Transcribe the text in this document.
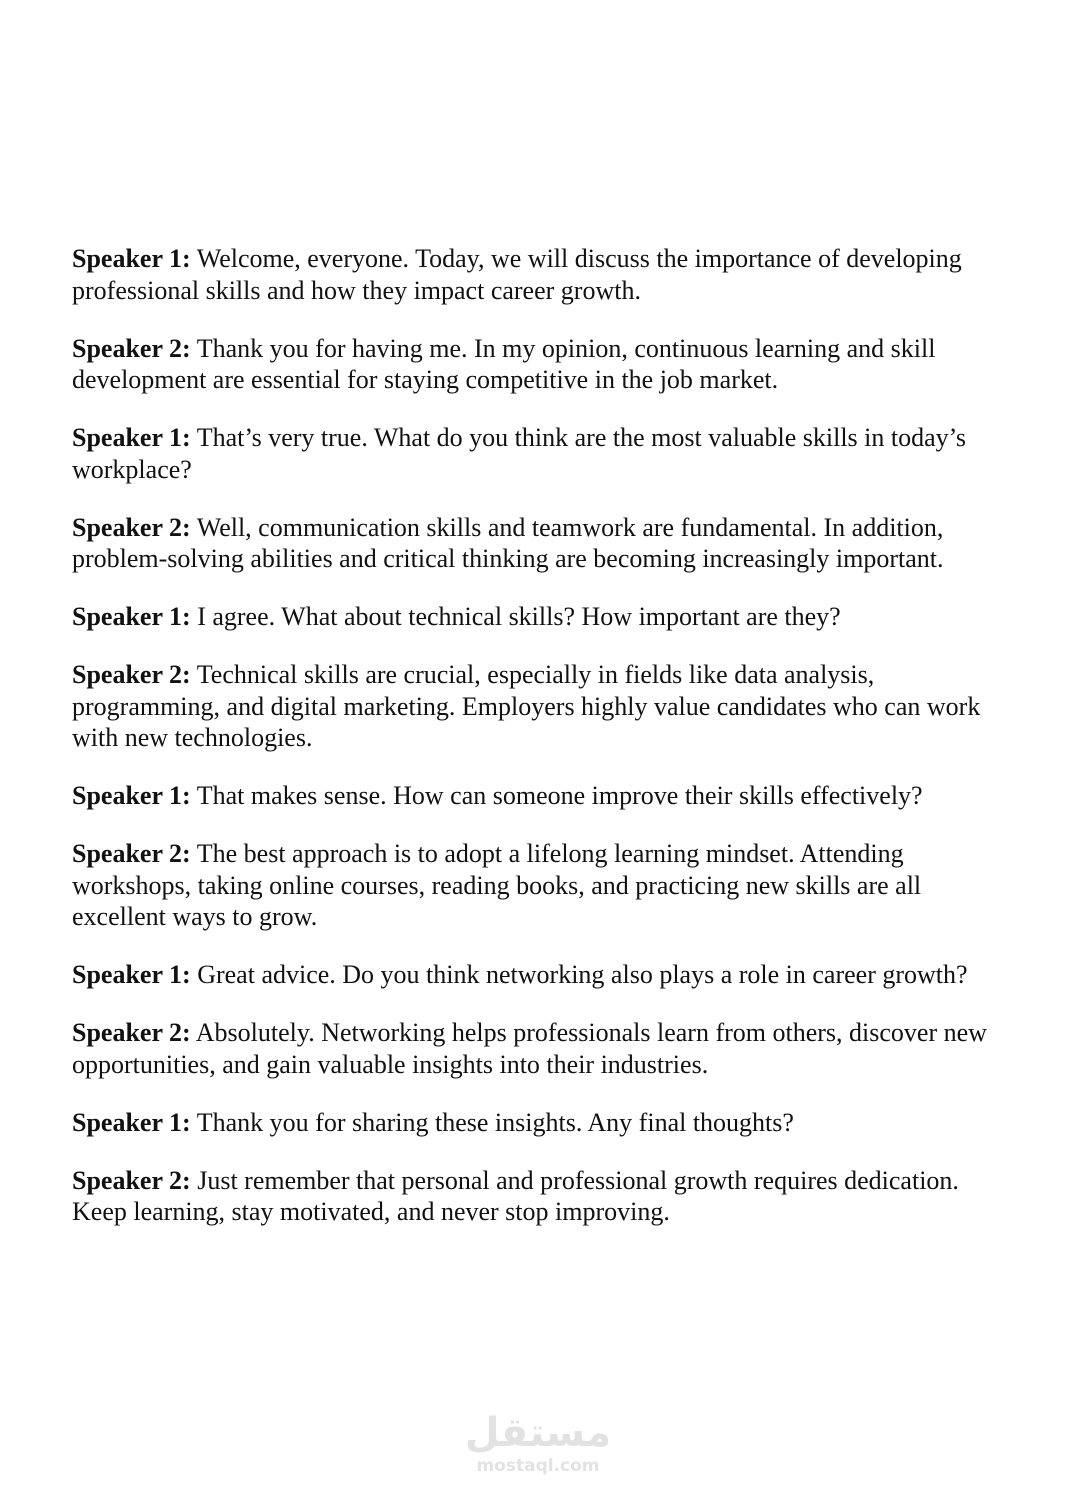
Speaker 1: Welcome, everyone. Today, we will discuss the importance of developing professional skills and how they impact career growth.

Speaker 2: Thank you for having me. In my opinion, continuous learning and skill development are essential for staying competitive in the job market.

Speaker 1: That’s very true. What do you think are the most valuable skills in today’s workplace?

Speaker 2: Well, communication skills and teamwork are fundamental. In addition, problem-solving abilities and critical thinking are becoming increasingly important.

Speaker 1: I agree. What about technical skills? How important are they?

Speaker 2: Technical skills are crucial, especially in fields like data analysis, programming, and digital marketing. Employers highly value candidates who can work with new technologies.

Speaker 1: That makes sense. How can someone improve their skills effectively?

Speaker 2: The best approach is to adopt a lifelong learning mindset. Attending workshops, taking online courses, reading books, and practicing new skills are all excellent ways to grow.

Speaker 1: Great advice. Do you think networking also plays a role in career growth?

Speaker 2: Absolutely. Networking helps professionals learn from others, discover new opportunities, and gain valuable insights into their industries.

Speaker 1: Thank you for sharing these insights. Any final thoughts?

Speaker 2: Just remember that personal and professional growth requires dedication. Keep learning, stay motivated, and never stop improving.

مستقل
mostaql.com
